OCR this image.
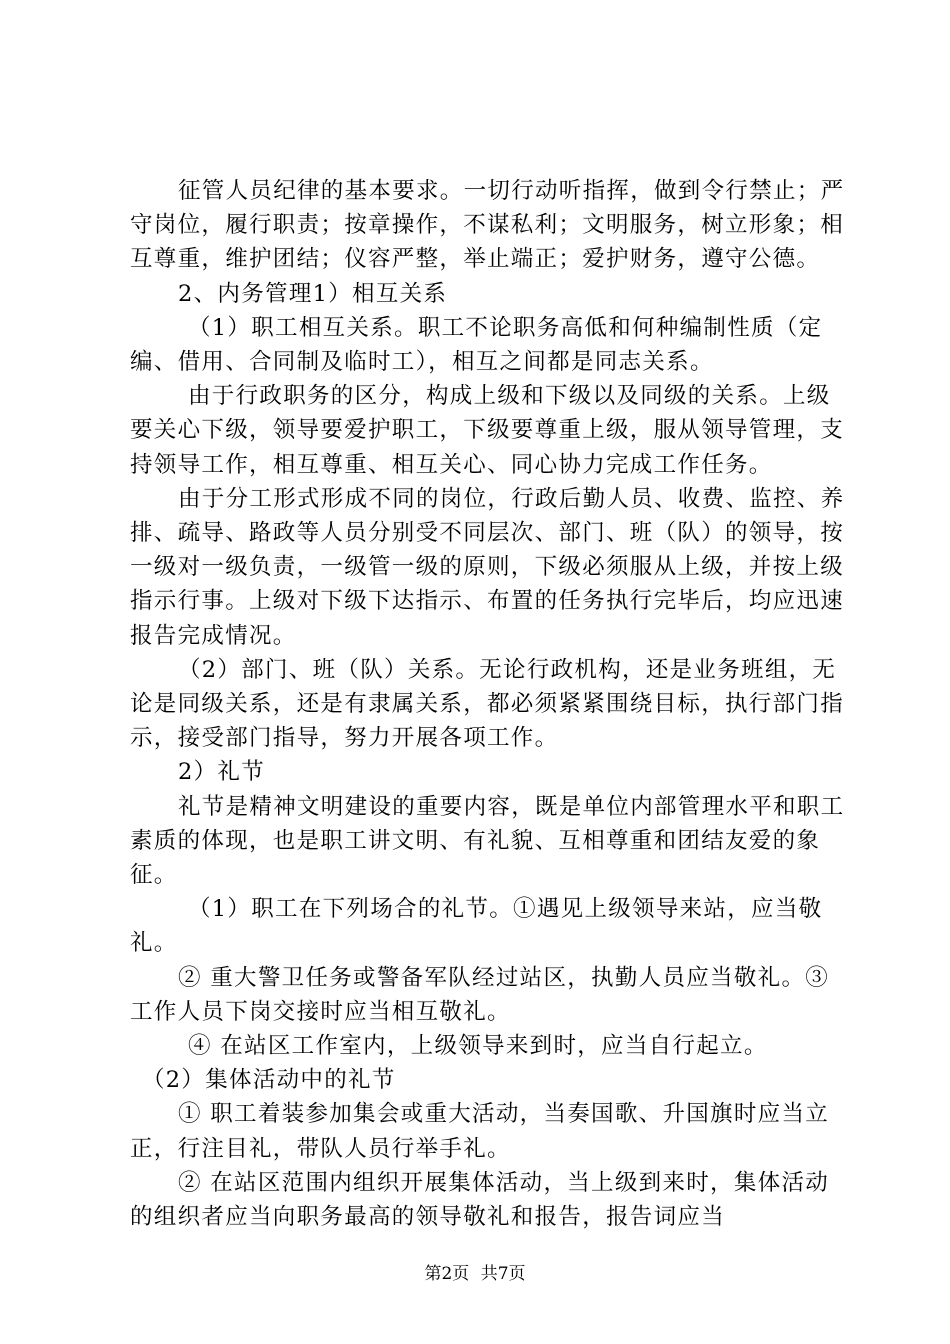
征管人员纪律的基本要求。一切行动听指挥，做到令行禁止；严守岗位，履行职责；按章操作，不谋私利；文明服务，树立形象；相互尊重，维护团结；仪容严整，举止端正；爱护财务，遵守公德。

2、内务管理1）相互关系

（1）职工相互关系。职工不论职务高低和何种编制性质（定编、借用、合同制及临时工），相互之间都是同志关系。

由于行政职务的区分，构成上级和下级以及同级的关系。上级要关心下级，领导要爱护职工，下级要尊重上级，服从领导管理，支持领导工作，相互尊重、相互关心、同心协力完成工作任务。

由于分工形式形成不同的岗位，行政后勤人员、收费、监控、养排、疏导、路政等人员分别受不同层次、部门、班（队）的领导，按一级对一级负责，一级管一级的原则，下级必须服从上级，并按上级指示行事。上级对下级下达指示、布置的任务执行完毕后，均应迅速报告完成情况。

（2）部门、班（队）关系。无论行政机构，还是业务班组，无论是同级关系，还是有隶属关系，都必须紧紧围绕目标，执行部门指示，接受部门指导，努力开展各项工作。

2）礼节

礼节是精神文明建设的重要内容，既是单位内部管理水平和职工素质的体现，也是职工讲文明、有礼貌、互相尊重和团结友爱的象征。

（1）职工在下列场合的礼节。①遇见上级领导来站，应当敬礼。

② 重大警卫任务或警备军队经过站区，执勤人员应当敬礼。③工作人员下岗交接时应当相互敬礼。

④ 在站区工作室内，上级领导来到时，应当自行起立。

（2）集体活动中的礼节

① 职工着装参加集会或重大活动，当奏国歌、升国旗时应当立正，行注目礼，带队人员行举手礼。

② 在站区范围内组织开展集体活动，当上级到来时，集体活动的组织者应当向职务最高的领导敬礼和报告，报告词应当

第2页 共7页
